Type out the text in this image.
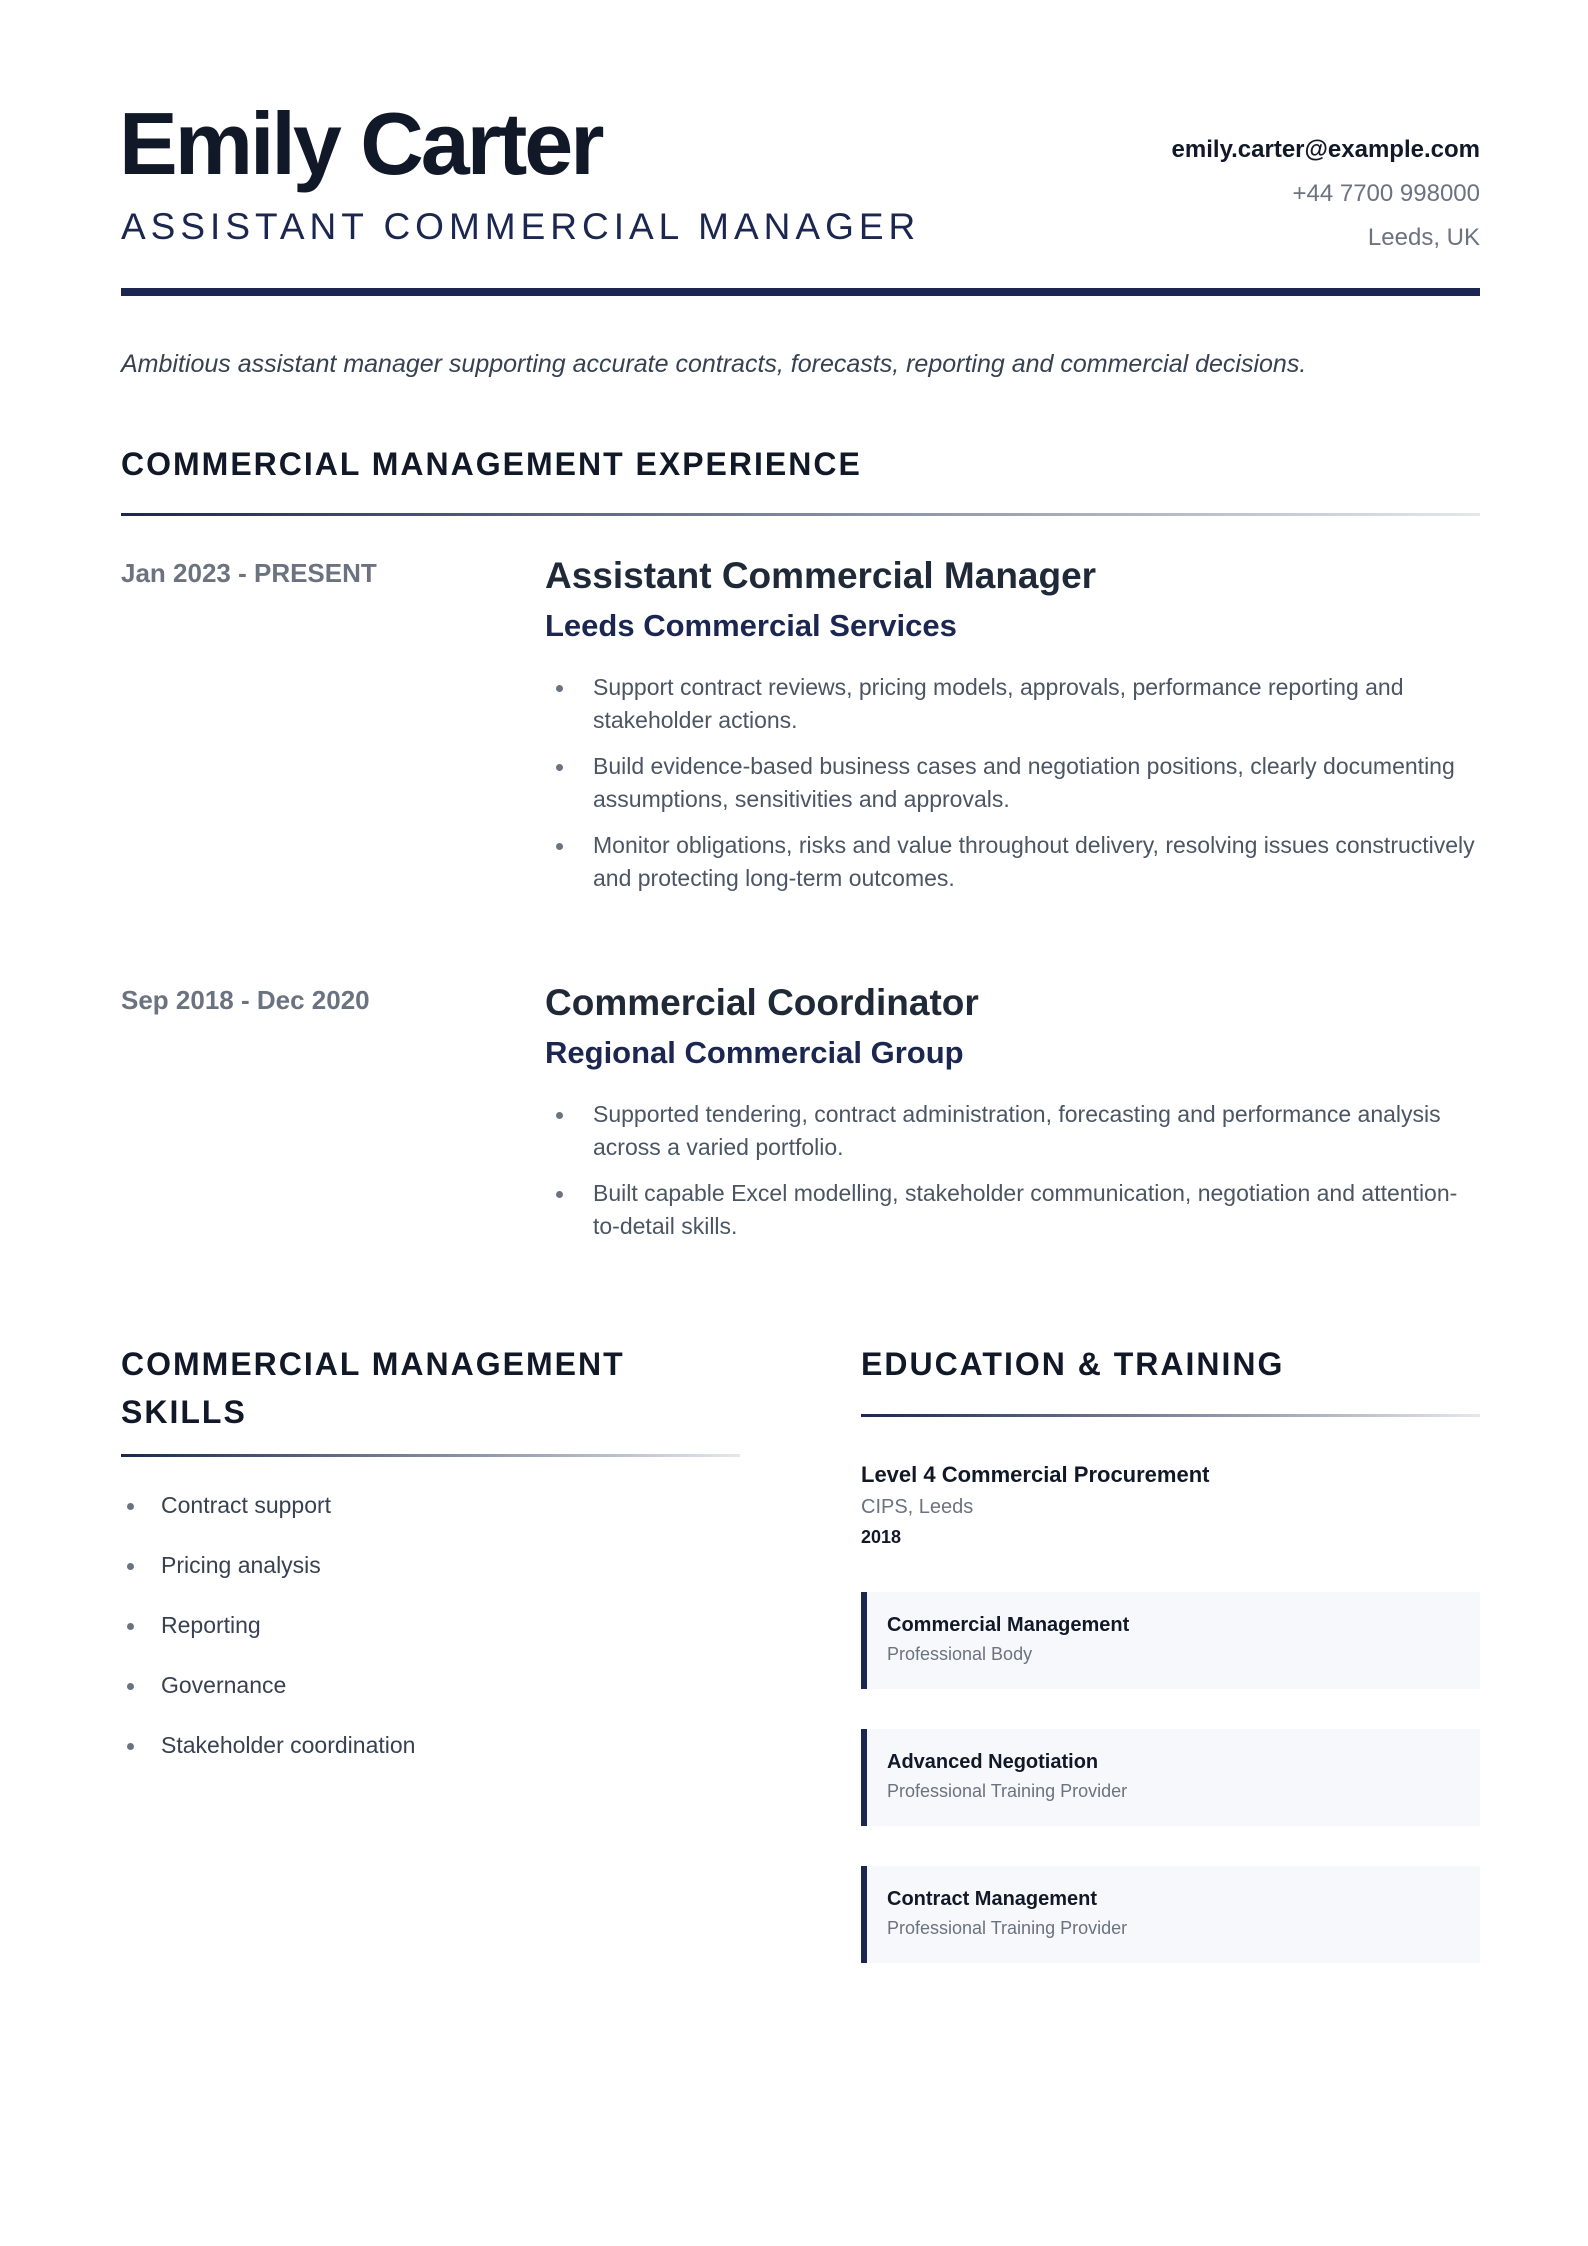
Emily Carter
ASSISTANT COMMERCIAL MANAGER
emily.carter@example.com
+44 7700 998000
Leeds, UK
Ambitious assistant manager supporting accurate contracts, forecasts, reporting and commercial decisions.
COMMERCIAL MANAGEMENT EXPERIENCE
Jan 2023 - PRESENT	Assistant Commercial Manager
Leeds Commercial Services
Support contract reviews, pricing models, approvals, performance reporting and stakeholder actions.
Build evidence-based business cases and negotiation positions, clearly documenting assumptions, sensitivities and approvals.
Monitor obligations, risks and value throughout delivery, resolving issues constructively and protecting long-term outcomes.
Sep 2018 - Dec 2020	Commercial Coordinator
Regional Commercial Group
Supported tendering, contract administration, forecasting and performance analysis across a varied portfolio.
Built capable Excel modelling, stakeholder communication, negotiation and attention-to-detail skills.
COMMERCIAL MANAGEMENT SKILLS
Contract support
Pricing analysis
Reporting
Governance
Stakeholder coordination
EDUCATION & TRAINING
Level 4 Commercial Procurement
CIPS, Leeds
2018
Commercial Management
Professional Body
Advanced Negotiation
Professional Training Provider
Contract Management
Professional Training Provider
